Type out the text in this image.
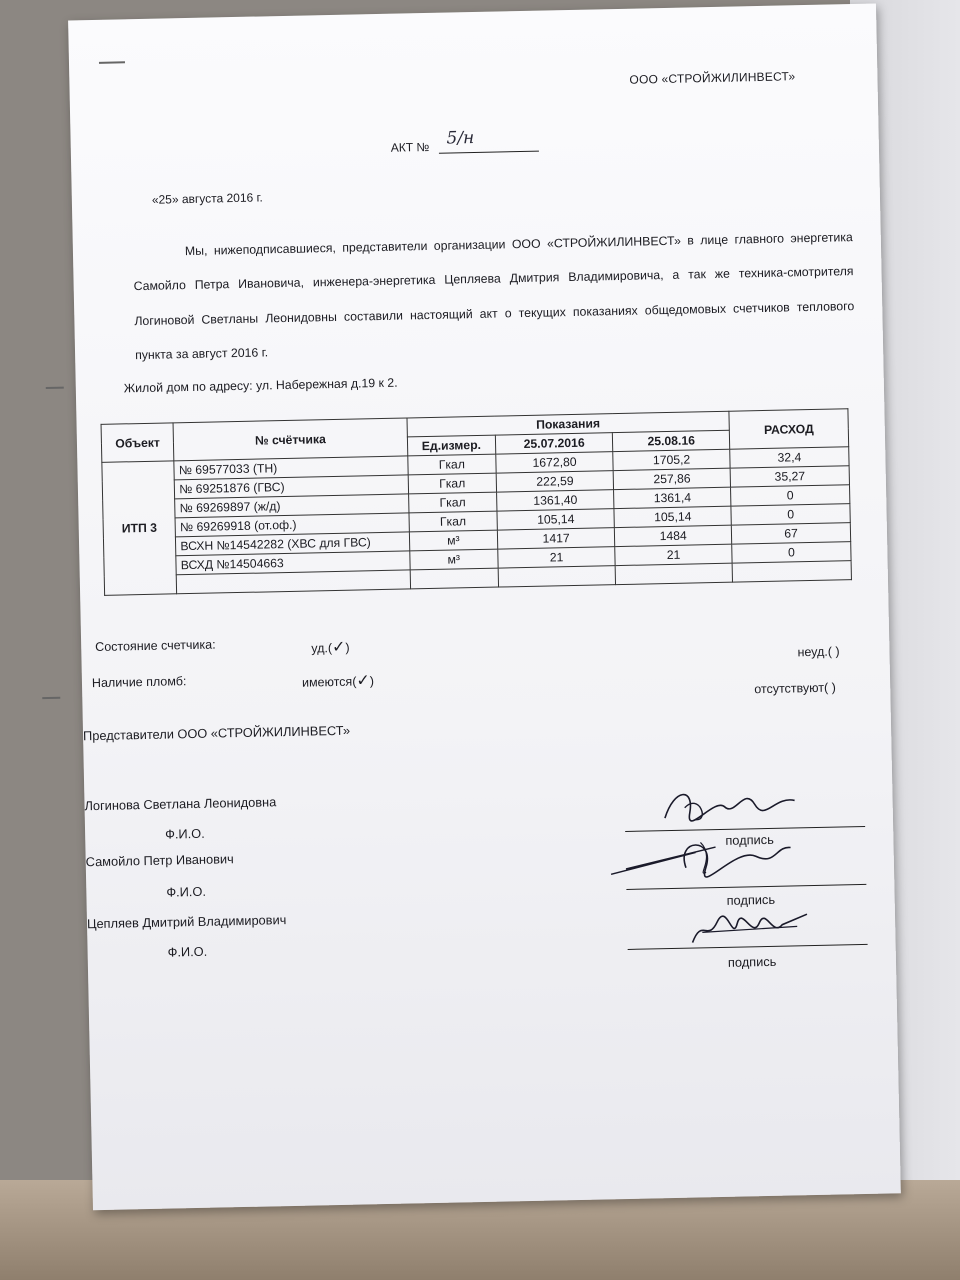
ООО «СТРОЙЖИЛИНВЕСТ»
АКТ № 5/н
«25» августа 2016 г.
Мы, нижеподписавшиеся, представители организации ООО «СТРОЙЖИЛИНВЕСТ» в лице главного энергетика Самойло Петра Ивановича, инженера-энергетика Цепляева Дмитрия Владимировича, а так же техника-смотрителя Логиновой Светланы Леонидовны составили настоящий акт о текущих показаниях общедомовых счетчиков теплового пункта за август 2016 г.
Жилой дом по адресу: ул. Набережная д.19 к 2.
Объект	№ счётчика	Показания			РАСХОД
		Ед.измер.	25.07.2016	25.08.16	
ИТП 3	№ 69577033 (ТН)	Гкал	1672,80	1705,2	32,4
	№ 69251876 (ГВС)	Гкал	222,59	257,86	35,27
	№ 69269897 (ж/д)	Гкал	1361,40	1361,4	0
	№ 69269918 (от.оф.)	Гкал	105,14	105,14	0
	ВСХН №14542282 (ХВС для ГВС)	м³	1417	1484	67
	ВСХД №14504663	м³	21	21	0

Состояние счетчика:	уд.(✓)	неуд.( )
Наличие пломб:	имеются(✓)	отсутствуют( )
Представители ООО «СТРОЙЖИЛИНВЕСТ»
Логинова Светлана Леонидовна
Ф.И.О.
Самойло Петр Иванович
Ф.И.О.
Цепляев Дмитрий Владимирович
Ф.И.О.
подпись
подпись
подпись
